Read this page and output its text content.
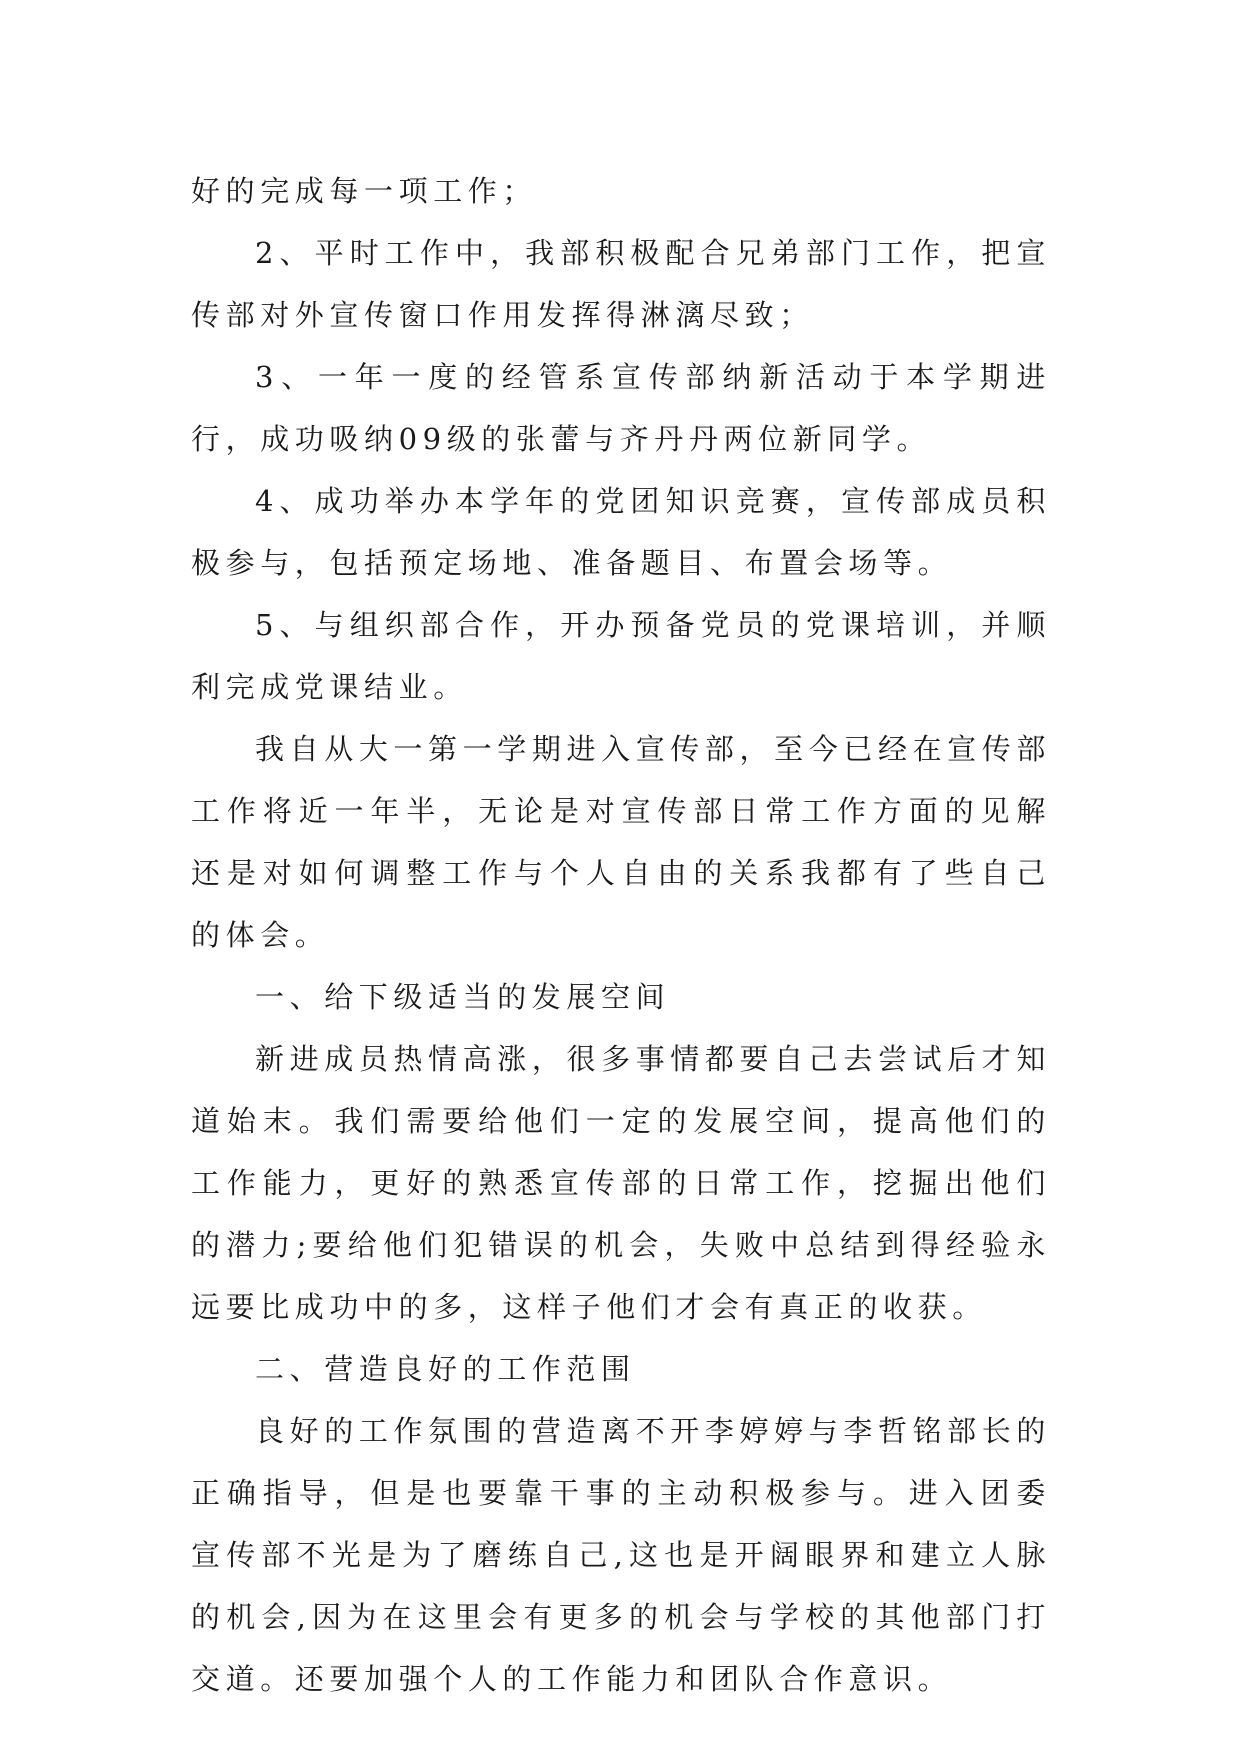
好的完成每一项工作；

2、平时工作中，我部积极配合兄弟部门工作，把宣传部对外宣传窗口作用发挥得淋漓尽致；

3、一年一度的经管系宣传部纳新活动于本学期进行，成功吸纳09级的张蕾与齐丹丹两位新同学。

4、成功举办本学年的党团知识竞赛，宣传部成员积极参与，包括预定场地、准备题目、布置会场等。

5、与组织部合作，开办预备党员的党课培训，并顺利完成党课结业。

我自从大一第一学期进入宣传部，至今已经在宣传部工作将近一年半，无论是对宣传部日常工作方面的见解还是对如何调整工作与个人自由的关系我都有了些自己的体会。

一、给下级适当的发展空间

新进成员热情高涨，很多事情都要自己去尝试后才知道始末。我们需要给他们一定的发展空间，提高他们的工作能力，更好的熟悉宣传部的日常工作，挖掘出他们的潜力;要给他们犯错误的机会，失败中总结到得经验永远要比成功中的多，这样子他们才会有真正的收获。

二、营造良好的工作范围

良好的工作氛围的营造离不开李婷婷与李哲铭部长的正确指导，但是也要靠干事的主动积极参与。进入团委宣传部不光是为了磨练自己,这也是开阔眼界和建立人脉的机会,因为在这里会有更多的机会与学校的其他部门打交道。还要加强个人的工作能力和团队合作意识。
